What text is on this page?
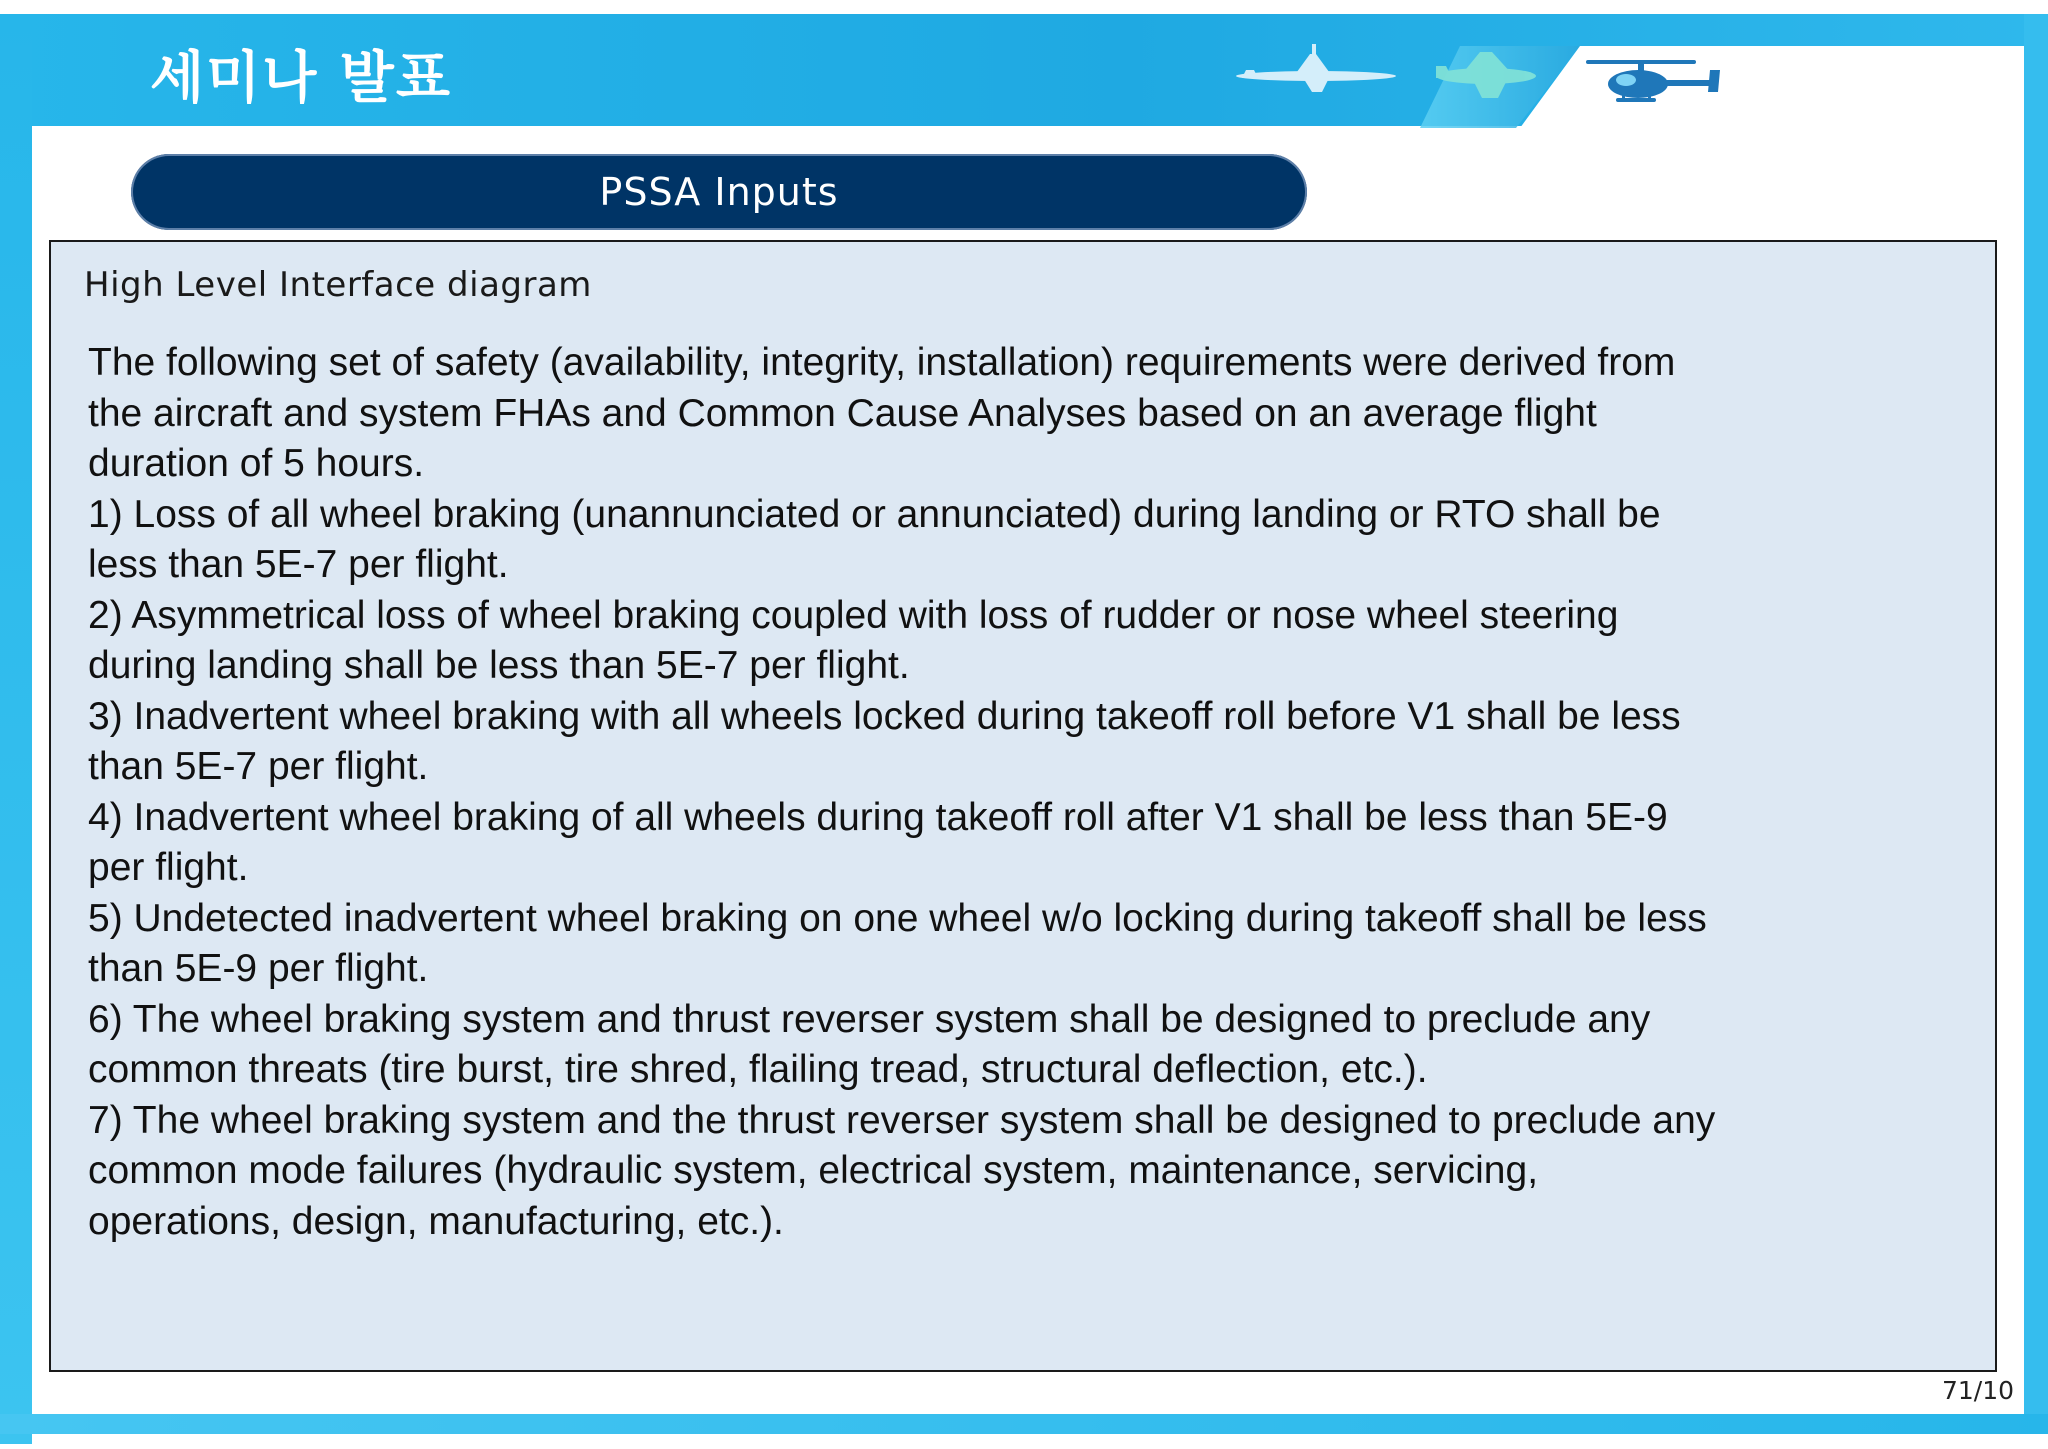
세미나 발표
PSSA Inputs
High Level Interface diagram

The following set of safety (availability, integrity, installation) requirements were derived from
the aircraft and system FHAs and Common Cause Analyses based on an average flight
duration of 5 hours.
1) Loss of all wheel braking (unannunciated or annunciated) during landing or RTO shall be
less than 5E-7 per flight.
2) Asymmetrical loss of wheel braking coupled with loss of rudder or nose wheel steering
during landing shall be less than 5E-7 per flight.
3) Inadvertent wheel braking with all wheels locked during takeoff roll before V1 shall be less
than 5E-7 per flight.
4) Inadvertent wheel braking of all wheels during takeoff roll after V1 shall be less than 5E-9
per flight.
5) Undetected inadvertent wheel braking on one wheel w/o locking during takeoff shall be less
than 5E-9 per flight.
6) The wheel braking system and thrust reverser system shall be designed to preclude any
common threats (tire burst, tire shred, flailing tread, structural deflection, etc.).
7) The wheel braking system and the thrust reverser system shall be designed to preclude any
common mode failures (hydraulic system, electrical system, maintenance, servicing,
operations, design, manufacturing, etc.).

71/10
